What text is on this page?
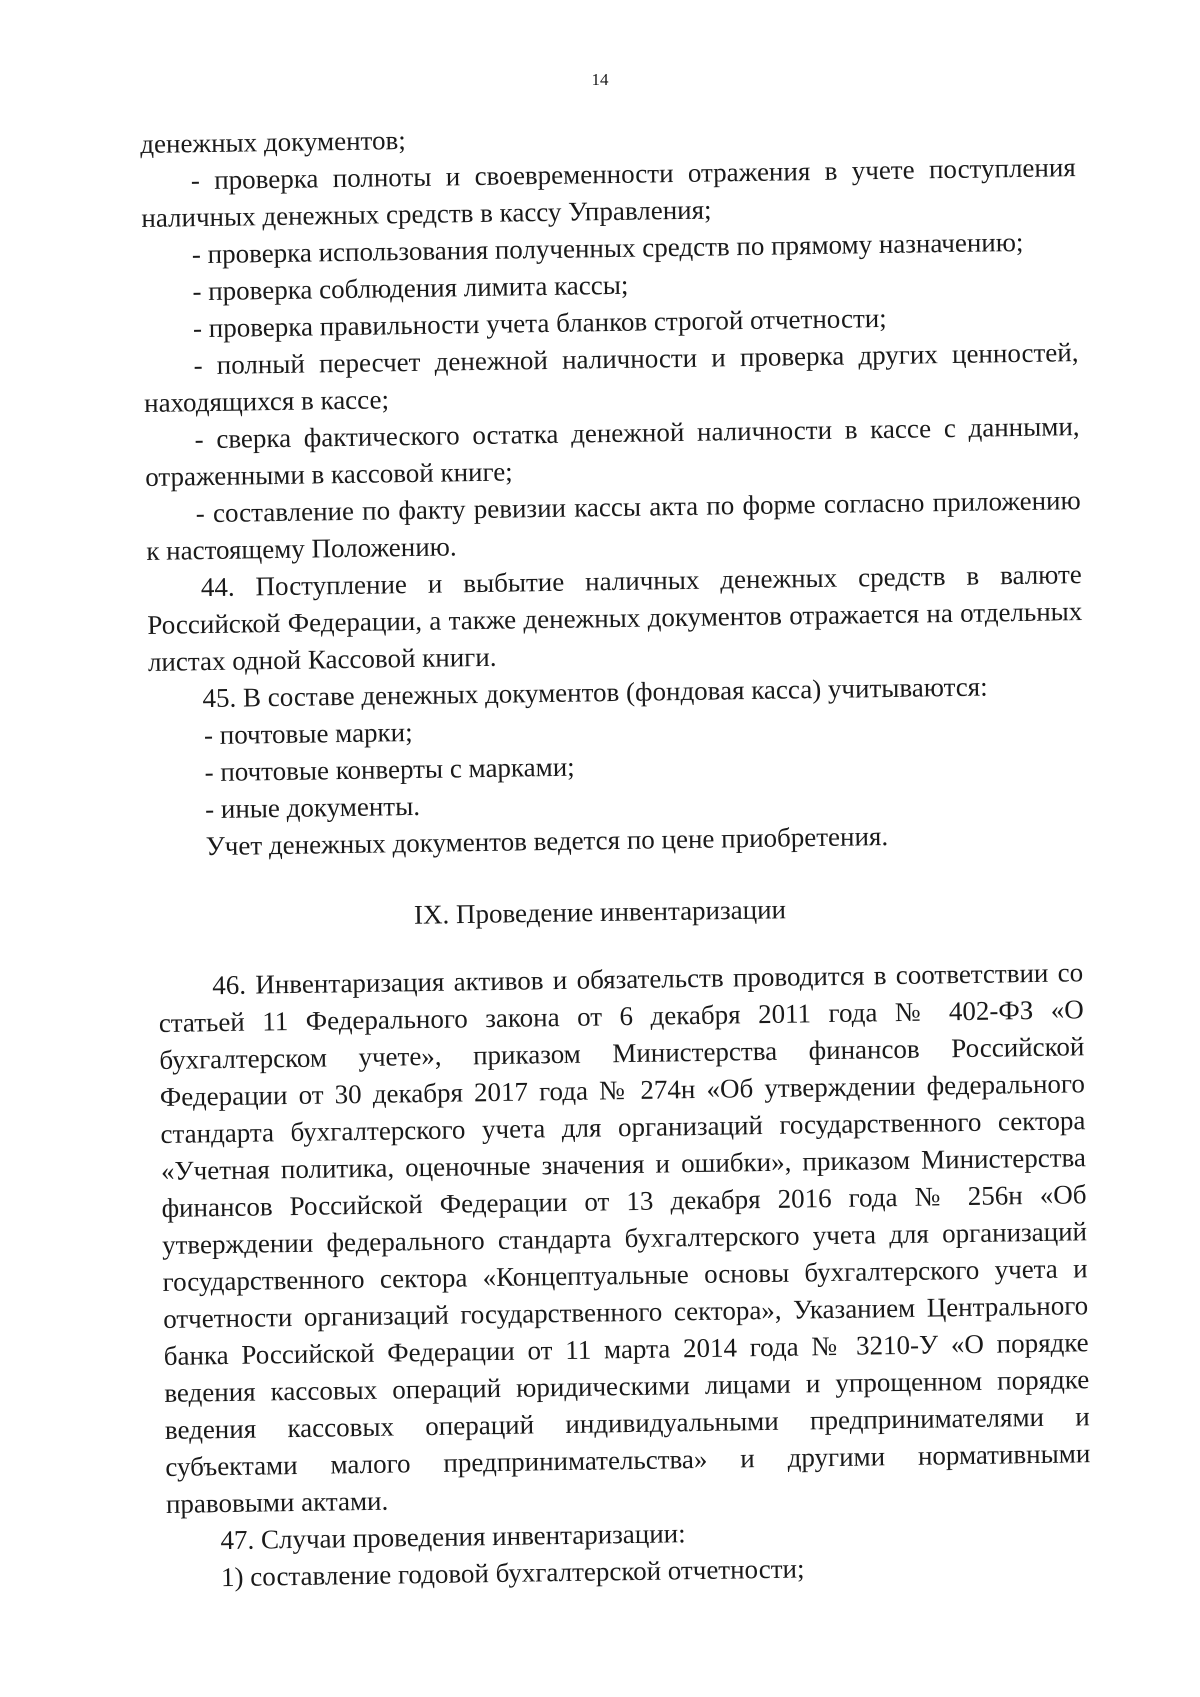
14

денежных документов;

- проверка полноты и своевременности отражения в учете поступления наличных денежных средств в кассу Управления;

- проверка использования полученных средств по прямому назначению;

- проверка соблюдения лимита кассы;

- проверка правильности учета бланков строгой отчетности;

- полный пересчет денежной наличности и проверка других ценностей, находящихся в кассе;

- сверка фактического остатка денежной наличности в кассе с данными, отраженными в кассовой книге;

- составление по факту ревизии кассы акта по форме согласно приложению к настоящему Положению.

44. Поступление и выбытие наличных денежных средств в валюте Российской Федерации, а также денежных документов отражается на отдельных листах одной Кассовой книги.

45. В составе денежных документов (фондовая касса) учитываются:

- почтовые марки;

- почтовые конверты с марками;

- иные документы.

Учет денежных документов ведется по цене приобретения.

IX. Проведение инвентаризации

46. Инвентаризация активов и обязательств проводится в соответствии со статьей 11 Федерального закона от 6 декабря 2011 года № 402-ФЗ «О бухгалтерском учете», приказом Министерства финансов Российской Федерации от 30 декабря 2017 года № 274н «Об утверждении федерального стандарта бухгалтерского учета для организаций государственного сектора «Учетная политика, оценочные значения и ошибки», приказом Министерства финансов Российской Федерации от 13 декабря 2016 года № 256н «Об утверждении федерального стандарта бухгалтерского учета для организаций государственного сектора «Концептуальные основы бухгалтерского учета и отчетности организаций государственного сектора», Указанием Центрального банка Российской Федерации от 11 марта 2014 года № 3210-У «О порядке ведения кассовых операций юридическими лицами и упрощенном порядке ведения кассовых операций индивидуальными предпринимателями и субъектами малого предпринимательства» и другими нормативными правовыми актами.

47. Случаи проведения инвентаризации:

1) составление годовой бухгалтерской отчетности;
